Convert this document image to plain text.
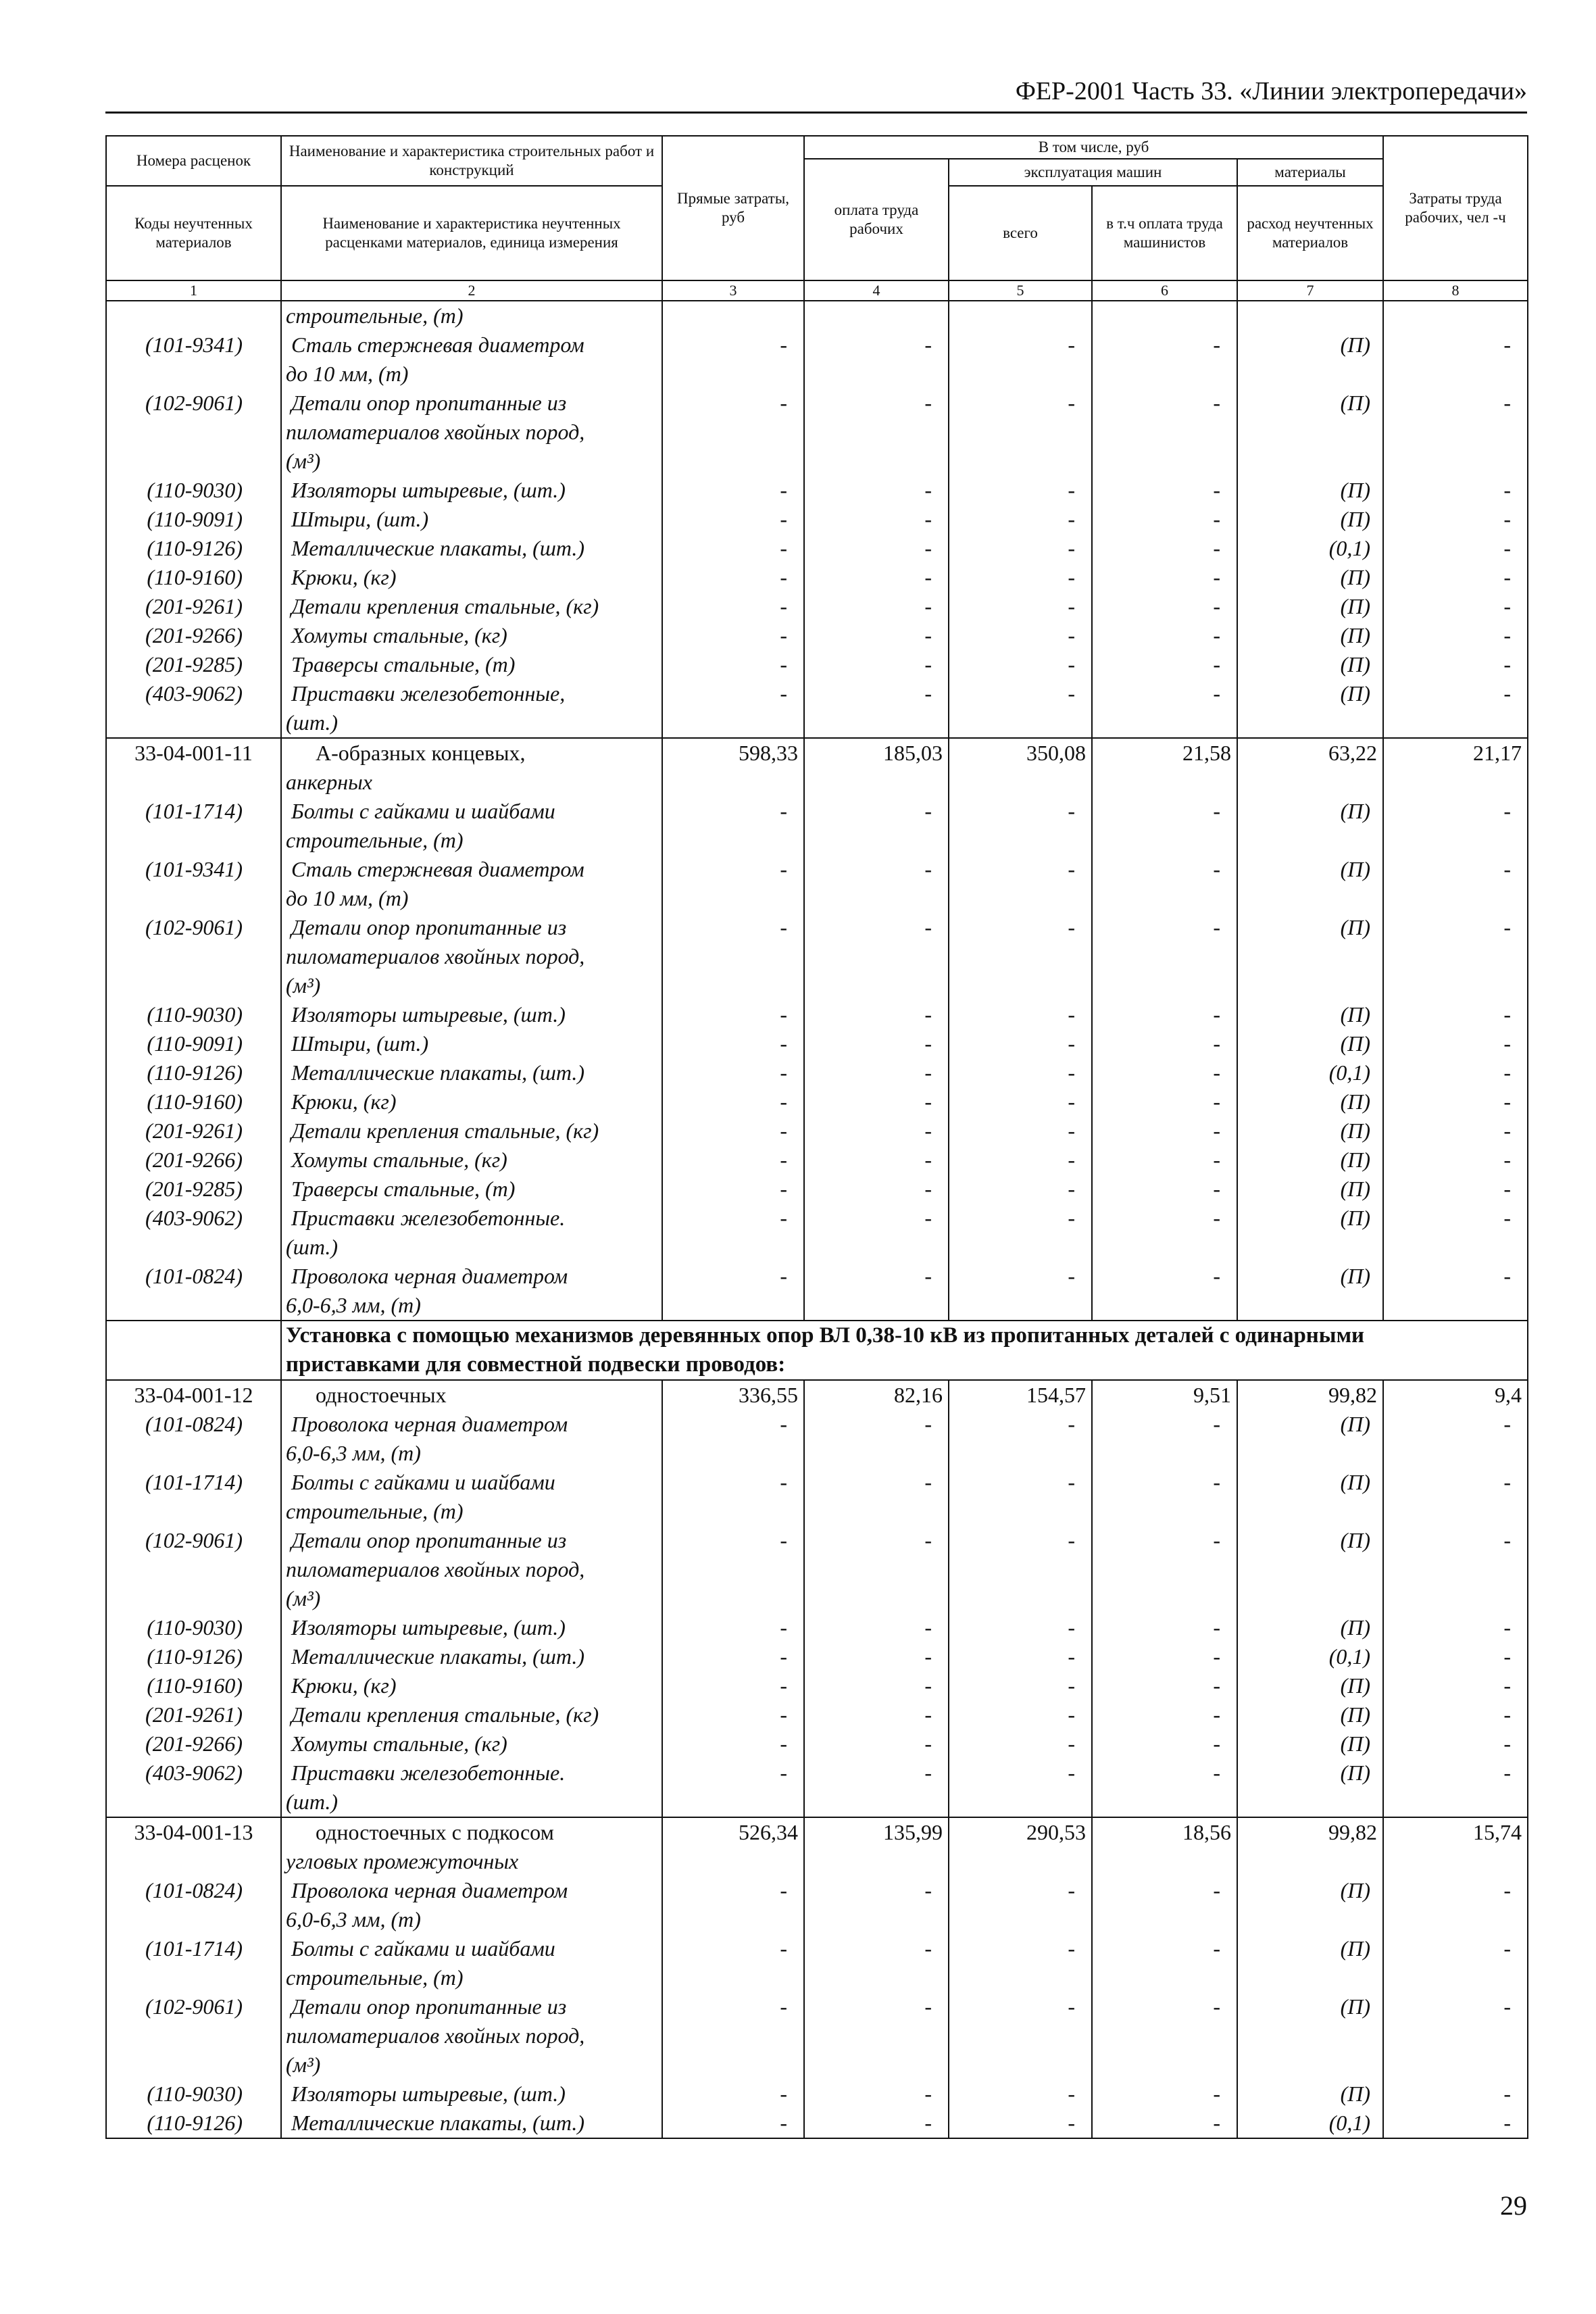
ФЕР-2001 Часть 33. «Линии электропередачи»
Номера расценок	Наименование и характеристика строительных работ и конструкций	Прямые затраты, руб	В том числе, руб				Затраты труда рабочих, чел -ч
			оплата труда рабочих	эксплуатация машин		материалы	
Коды неучтенных материалов	Наименование и характеристика неучтенных расценками материалов, единица измерения			всего	в т.ч оплата труда машинистов	расход неучтенных материалов	

1	2	3	4	5	6	7	8
	строительные, (т)						
(101-9341)	Сталь стержневая диаметром	-	-	-	-	(П)	-
	до 10 мм, (т)						
(102-9061)	Детали опор пропитанные из	-	-	-	-	(П)	-
	пиломатериалов хвойных пород,						
	(м³)						
(110-9030)	Изоляторы штыревые, (шт.)	-	-	-	-	(П)	-
(110-9091)	Штыри, (шт.)	-	-	-	-	(П)	-
(110-9126)	Металлические плакаты, (шт.)	-	-	-	-	(0,1)	-
(110-9160)	Крюки, (кг)	-	-	-	-	(П)	-
(201-9261)	Детали крепления стальные, (кг)	-	-	-	-	(П)	-
(201-9266)	Хомуты стальные, (кг)	-	-	-	-	(П)	-
(201-9285)	Траверсы стальные, (т)	-	-	-	-	(П)	-
(403-9062)	Приставки железобетонные,	-	-	-	-	(П)	-
	(шт.)						
33-04-001-11	А-образных концевых,	598,33	185,03	350,08	21,58	63,22	21,17
	анкерных						
(101-1714)	Болты с гайками и шайбами	-	-	-	-	(П)	-
	строительные, (т)						
(101-9341)	Сталь стержневая диаметром	-	-	-	-	(П)	-
	до 10 мм, (т)						
(102-9061)	Детали опор пропитанные из	-	-	-	-	(П)	-
	пиломатериалов хвойных пород,						
	(м³)						
(110-9030)	Изоляторы штыревые, (шт.)	-	-	-	-	(П)	-
(110-9091)	Штыри, (шт.)	-	-	-	-	(П)	-
(110-9126)	Металлические плакаты, (шт.)	-	-	-	-	(0,1)	-
(110-9160)	Крюки, (кг)	-	-	-	-	(П)	-
(201-9261)	Детали крепления стальные, (кг)	-	-	-	-	(П)	-
(201-9266)	Хомуты стальные, (кг)	-	-	-	-	(П)	-
(201-9285)	Траверсы стальные, (т)	-	-	-	-	(П)	-
(403-9062)	Приставки железобетонные.	-	-	-	-	(П)	-
	(шт.)						
(101-0824)	Проволока черная диаметром	-	-	-	-	(П)	-
	6,0-6,3 мм, (т)						

	Установка с помощью механизмов деревянных опор ВЛ 0,38-10 кВ из пропитанных деталей с одинарными
приставками для совместной подвески проводов:						

33-04-001-12	одностоечных	336,55	82,16	154,57	9,51	99,82	9,4
(101-0824)	Проволока черная диаметром	-	-	-	-	(П)	-
	6,0-6,3 мм, (т)						
(101-1714)	Болты с гайками и шайбами	-	-	-	-	(П)	-
	строительные, (т)						
(102-9061)	Детали опор пропитанные из	-	-	-	-	(П)	-
	пиломатериалов хвойных пород,						
	(м³)						
(110-9030)	Изоляторы штыревые, (шт.)	-	-	-	-	(П)	-
(110-9126)	Металлические плакаты, (шт.)	-	-	-	-	(0,1)	-
(110-9160)	Крюки, (кг)	-	-	-	-	(П)	-
(201-9261)	Детали крепления стальные, (кг)	-	-	-	-	(П)	-
(201-9266)	Хомуты стальные, (кг)	-	-	-	-	(П)	-
(403-9062)	Приставки железобетонные.	-	-	-	-	(П)	-
	(шт.)						
33-04-001-13	одностоечных с подкосом	526,34	135,99	290,53	18,56	99,82	15,74
	угловых промежуточных						
(101-0824)	Проволока черная диаметром	-	-	-	-	(П)	-
	6,0-6,3 мм, (т)						
(101-1714)	Болты с гайками и шайбами	-	-	-	-	(П)	-
	строительные, (т)						
(102-9061)	Детали опор пропитанные из	-	-	-	-	(П)	-
	пиломатериалов хвойных пород,						
	(м³)						
(110-9030)	Изоляторы штыревые, (шт.)	-	-	-	-	(П)	-
(110-9126)	Металлические плакаты, (шт.)	-	-	-	-	(0,1)	-
29
